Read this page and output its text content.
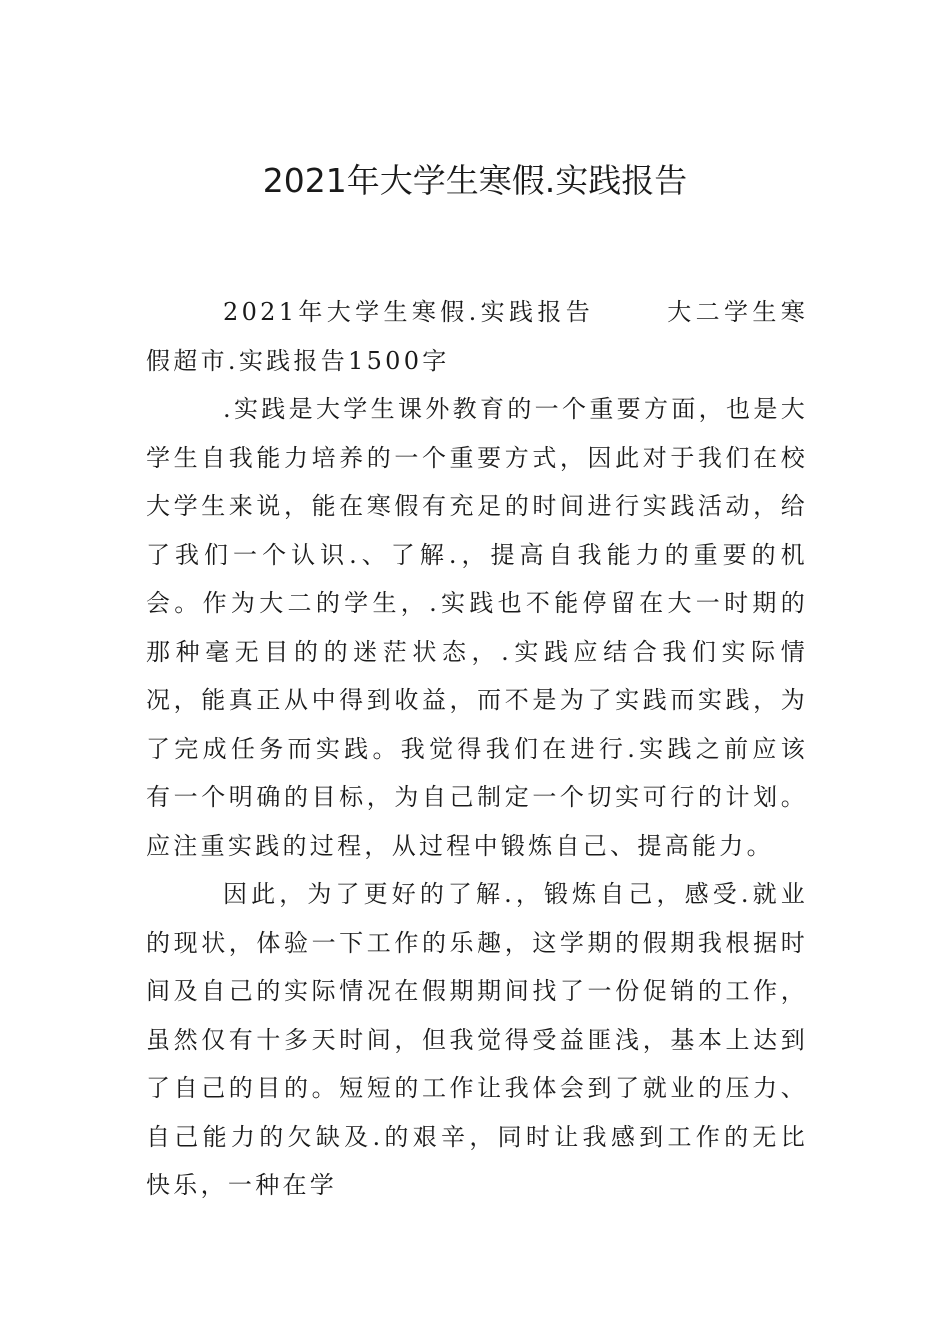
2021年大学生寒假.实践报告

2021年大学生寒假.实践报告	大二学生寒假超市.实践报告1500字

.实践是大学生课外教育的一个重要方面，也是大学生自我能力培养的一个重要方式，因此对于我们在校大学生来说，能在寒假有充足的时间进行实践活动，给了我们一个认识.、了解.，提高自我能力的重要的机会。作为大二的学生，.实践也不能停留在大一时期的那种毫无目的的迷茫状态，.实践应结合我们实际情况，能真正从中得到收益，而不是为了实践而实践，为了完成任务而实践。我觉得我们在进行.实践之前应该有一个明确的目标，为自己制定一个切实可行的计划。应注重实践的过程，从过程中锻炼自己、提高能力。

因此，为了更好的了解.，锻炼自己，感受.就业的现状，体验一下工作的乐趣，这学期的假期我根据时间及自己的实际情况在假期期间找了一份促销的工作，虽然仅有十多天时间，但我觉得受益匪浅，基本上达到了自己的目的。短短的工作让我体会到了就业的压力、自己能力的欠缺及.的艰辛，同时让我感到工作的无比快乐，一种在学
